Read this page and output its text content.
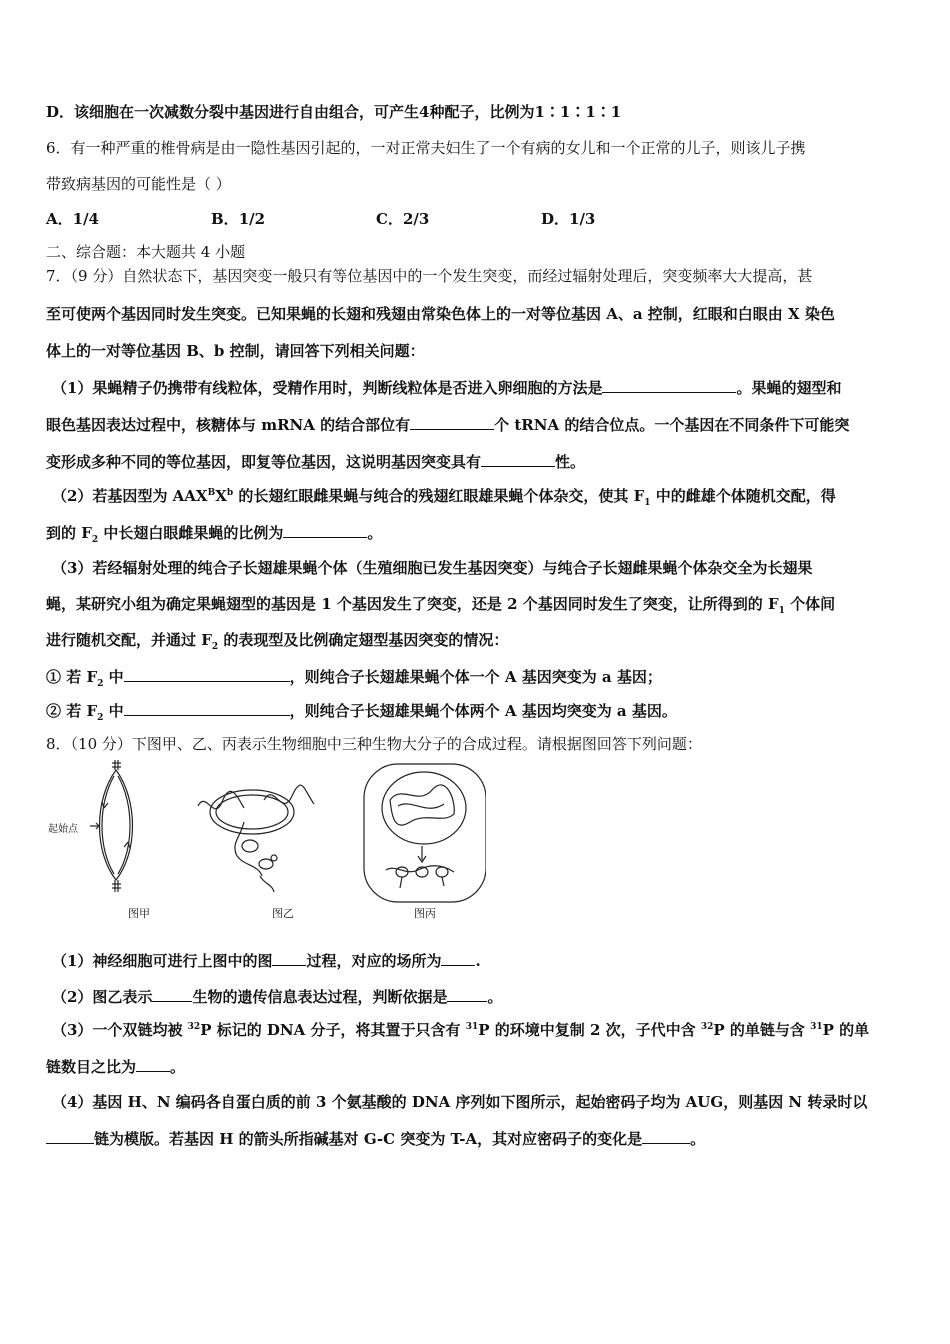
D．该细胞在一次减数分裂中基因进行自由组合，可产生4种配子，比例为1∶1∶1∶1
6．有一种严重的椎骨病是由一隐性基因引起的，一对正常夫妇生了一个有病的女儿和一个正常的儿子，则该儿子携
带致病基因的可能性是（ ）
A．1/4	B．1/2	C．2/3	D．1/3
二、综合题：本大题共 4 小题
7．（9 分）自然状态下，基因突变一般只有等位基因中的一个发生突变，而经过辐射处理后，突变频率大大提高，甚
至可使两个基因同时发生突变。已知果蝇的长翅和残翅由常染色体上的一对等位基因 A、a 控制，红眼和白眼由 X 染色
体上的一对等位基因 B、b 控制，请回答下列相关问题：
（1）果蝇精子仍携带有线粒体，受精作用时，判断线粒体是否进入卵细胞的方法是	。果蝇的翅型和
眼色基因表达过程中，核糖体与 mRNA 的结合部位有	个 tRNA 的结合位点。一个基因在不同条件下可能突
变形成多种不同的等位基因，即复等位基因，这说明基因突变具有	性。
（2）若基因型为 $AAX^BX^b$ 的长翅红眼雌果蝇与纯合的残翅红眼雄果蝇个体杂交，使其 $F_1$ 中的雌雄个体随机交配，得
到的 $F_2$ 中长翅白眼雌果蝇的比例为	。
（3）若经辐射处理的纯合子长翅雄果蝇个体（生殖细胞已发生基因突变）与纯合子长翅雌果蝇个体杂交全为长翅果
蝇，某研究小组为确定果蝇翅型的基因是 1 个基因发生了突变，还是 2 个基因同时发生了突变，让所得到的 $F_1$ 个体间
进行随机交配，并通过 $F_2$ 的表现型及比例确定翅型基因突变的情况：
① 若 $F_2$ 中	，则纯合子长翅雄果蝇个体一个 A 基因突变为 a 基因；
② 若 $F_2$ 中	，则纯合子长翅雄果蝇个体两个 A 基因均突变为 a 基因。
8．（10 分）下图甲、乙、丙表示生物细胞中三种生物大分子的合成过程。请根据图回答下列问题：
起始点
图甲	图乙	图丙
（1）神经细胞可进行上图中的图 过程，对应的场所为 .
（2）图乙表示	生物的遗传信息表达过程，判断依据是	。
（3）一个双链均被 $^{32}$P 标记的 DNA 分子，将其置于只含有 $^{31}$P 的环境中复制 2 次，子代中含 $^{32}$P 的单链与含 $^{31}$P 的单
链数目之比为 。
（4）基因 H、N 编码各自蛋白质的前 3 个氨基酸的 DNA 序列如下图所示，起始密码子均为 AUG，则基因 N 转录时以
链为模版。若基因 H 的箭头所指碱基对 G-C 突变为 T-A，其对应密码子的变化是	。
